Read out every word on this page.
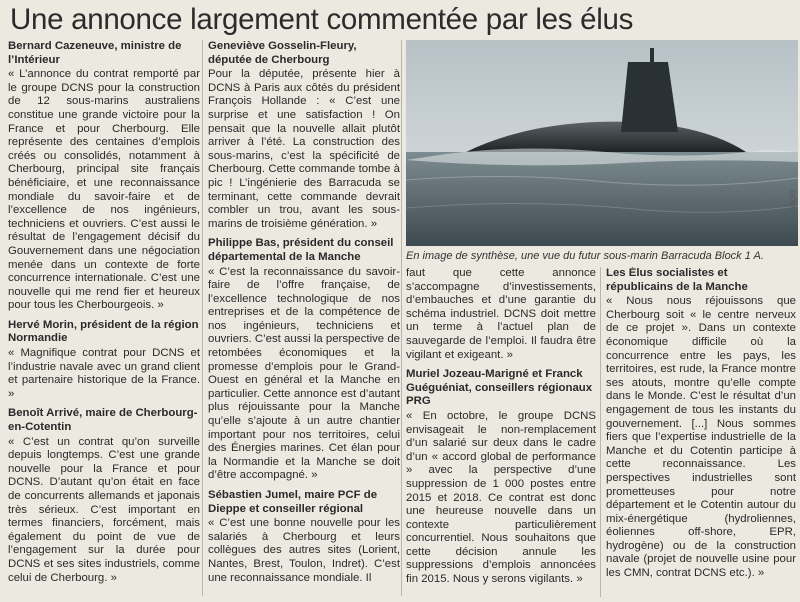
Une annonce largement commentée par les élus
Bernard Cazeneuve, ministre de l’Intérieur

« L’annonce du contrat remporté par le groupe DCNS pour la construction de 12 sous-marins australiens constitue une grande victoire pour la France et pour Cherbourg. Elle représente des centaines d’emplois créés ou consolidés, notamment à Cherbourg, principal site français bénéficiaire, et une reconnaissance mondiale du savoir-faire et de l’excellence de nos ingénieurs, techniciens et ouvriers. C’est aussi le résultat de l’engagement décisif du Gouvernement dans une négociation menée dans un contexte de forte concurrence internationale. C’est une nouvelle qui me rend fier et heureux pour tous les Cherbourgeois. »

Hervé Morin, président de la région Normandie

« Magnifique contrat pour DCNS et l’industrie navale avec un grand client et partenaire historique de la France. »

Benoît Arrivé, maire de Cherbourg-en-Cotentin

« C’est un contrat qu’on surveille depuis longtemps. C’est une grande nouvelle pour la France et pour DCNS. D’autant qu’on était en face de concurrents allemands et japonais très sérieux. C’est important en termes financiers, forcément, mais également du point de vue de l’engagement sur la durée pour DCNS et ses sites industriels, comme celui de Cherbourg. »

Geneviève Gosselin-Fleury, députée de Cherbourg

Pour la députée, présente hier à DCNS à Paris aux côtés du président François Hollande : « C’est une surprise et une satisfaction ! On pensait que la nouvelle allait plutôt arriver à l’été. La construction des sous-marins, c’est la spécificité de Cherbourg. Cette commande tombe à pic ! L’ingénierie des Barracuda se terminant, cette commande devrait combler un trou, avant les sous-marins de troisième génération. »

Philippe Bas, président du conseil départemental de la Manche

« C’est la reconnaissance du savoir-faire de l’offre française, de l’excellence technologique de nos entreprises et de la compétence de nos ingénieurs, techniciens et ouvriers. C’est aussi la perspective de retombées économiques et la promesse d’emplois pour le Grand-Ouest en général et la Manche en particulier. Cette annonce est d’autant plus réjouissante pour la Manche qu’elle s’ajoute à un autre chantier important pour nos territoires, celui des Énergies marines. Cet élan pour la Normandie et la Manche se doit d’être accompagné. »

Sébastien Jumel, maire PCF de Dieppe et conseiller régional

« C’est une bonne nouvelle pour les salariés à Cherbourg et leurs collègues des autres sites (Lorient, Nantes, Brest, Toulon, Indret). C’est une reconnaissance mondiale. Il

DCNS
En image de synthèse, une vue du futur sous-marin Barracuda Block 1 A.

faut que cette annonce s’accompagne d’investissements, d’embauches et d’une garantie du schéma industriel. DCNS doit mettre un terme à l’actuel plan de sauvegarde de l’emploi. Il faudra être vigilant et exigeant. »

Muriel Jozeau-Marigné et Franck Guéguéniat, conseillers régionaux PRG

« En octobre, le groupe DCNS envisageait le non-remplacement d’un salarié sur deux dans le cadre d’un « accord global de performance » avec la perspective d’une suppression de 1 000 postes entre 2015 et 2018. Ce contrat est donc une heureuse nouvelle dans un contexte particulièrement concurrentiel. Nous souhaitons que cette décision annule les suppressions d’emplois annoncées fin 2015. Nous y serons vigilants. »

Les Élus socialistes et républicains de la Manche

« Nous nous réjouissons que Cherbourg soit « le centre nerveux de ce projet ». Dans un contexte économique difficile où la concurrence entre les pays, les territoires, est rude, la France montre ses atouts, montre qu’elle compte dans le Monde. C’est le résultat d’un engagement de tous les instants du gouvernement. [...] Nous sommes fiers que l’expertise industrielle de la Manche et du Cotentin participe à cette reconnaissance. Les perspectives industrielles sont prometteuses pour notre département et le Cotentin autour du mix-énergétique (hydroliennes, éoliennes off-shore, EPR, hydrogène) ou de la construction navale (projet de nouvelle usine pour les CMN, contrat DCNS etc.). »
